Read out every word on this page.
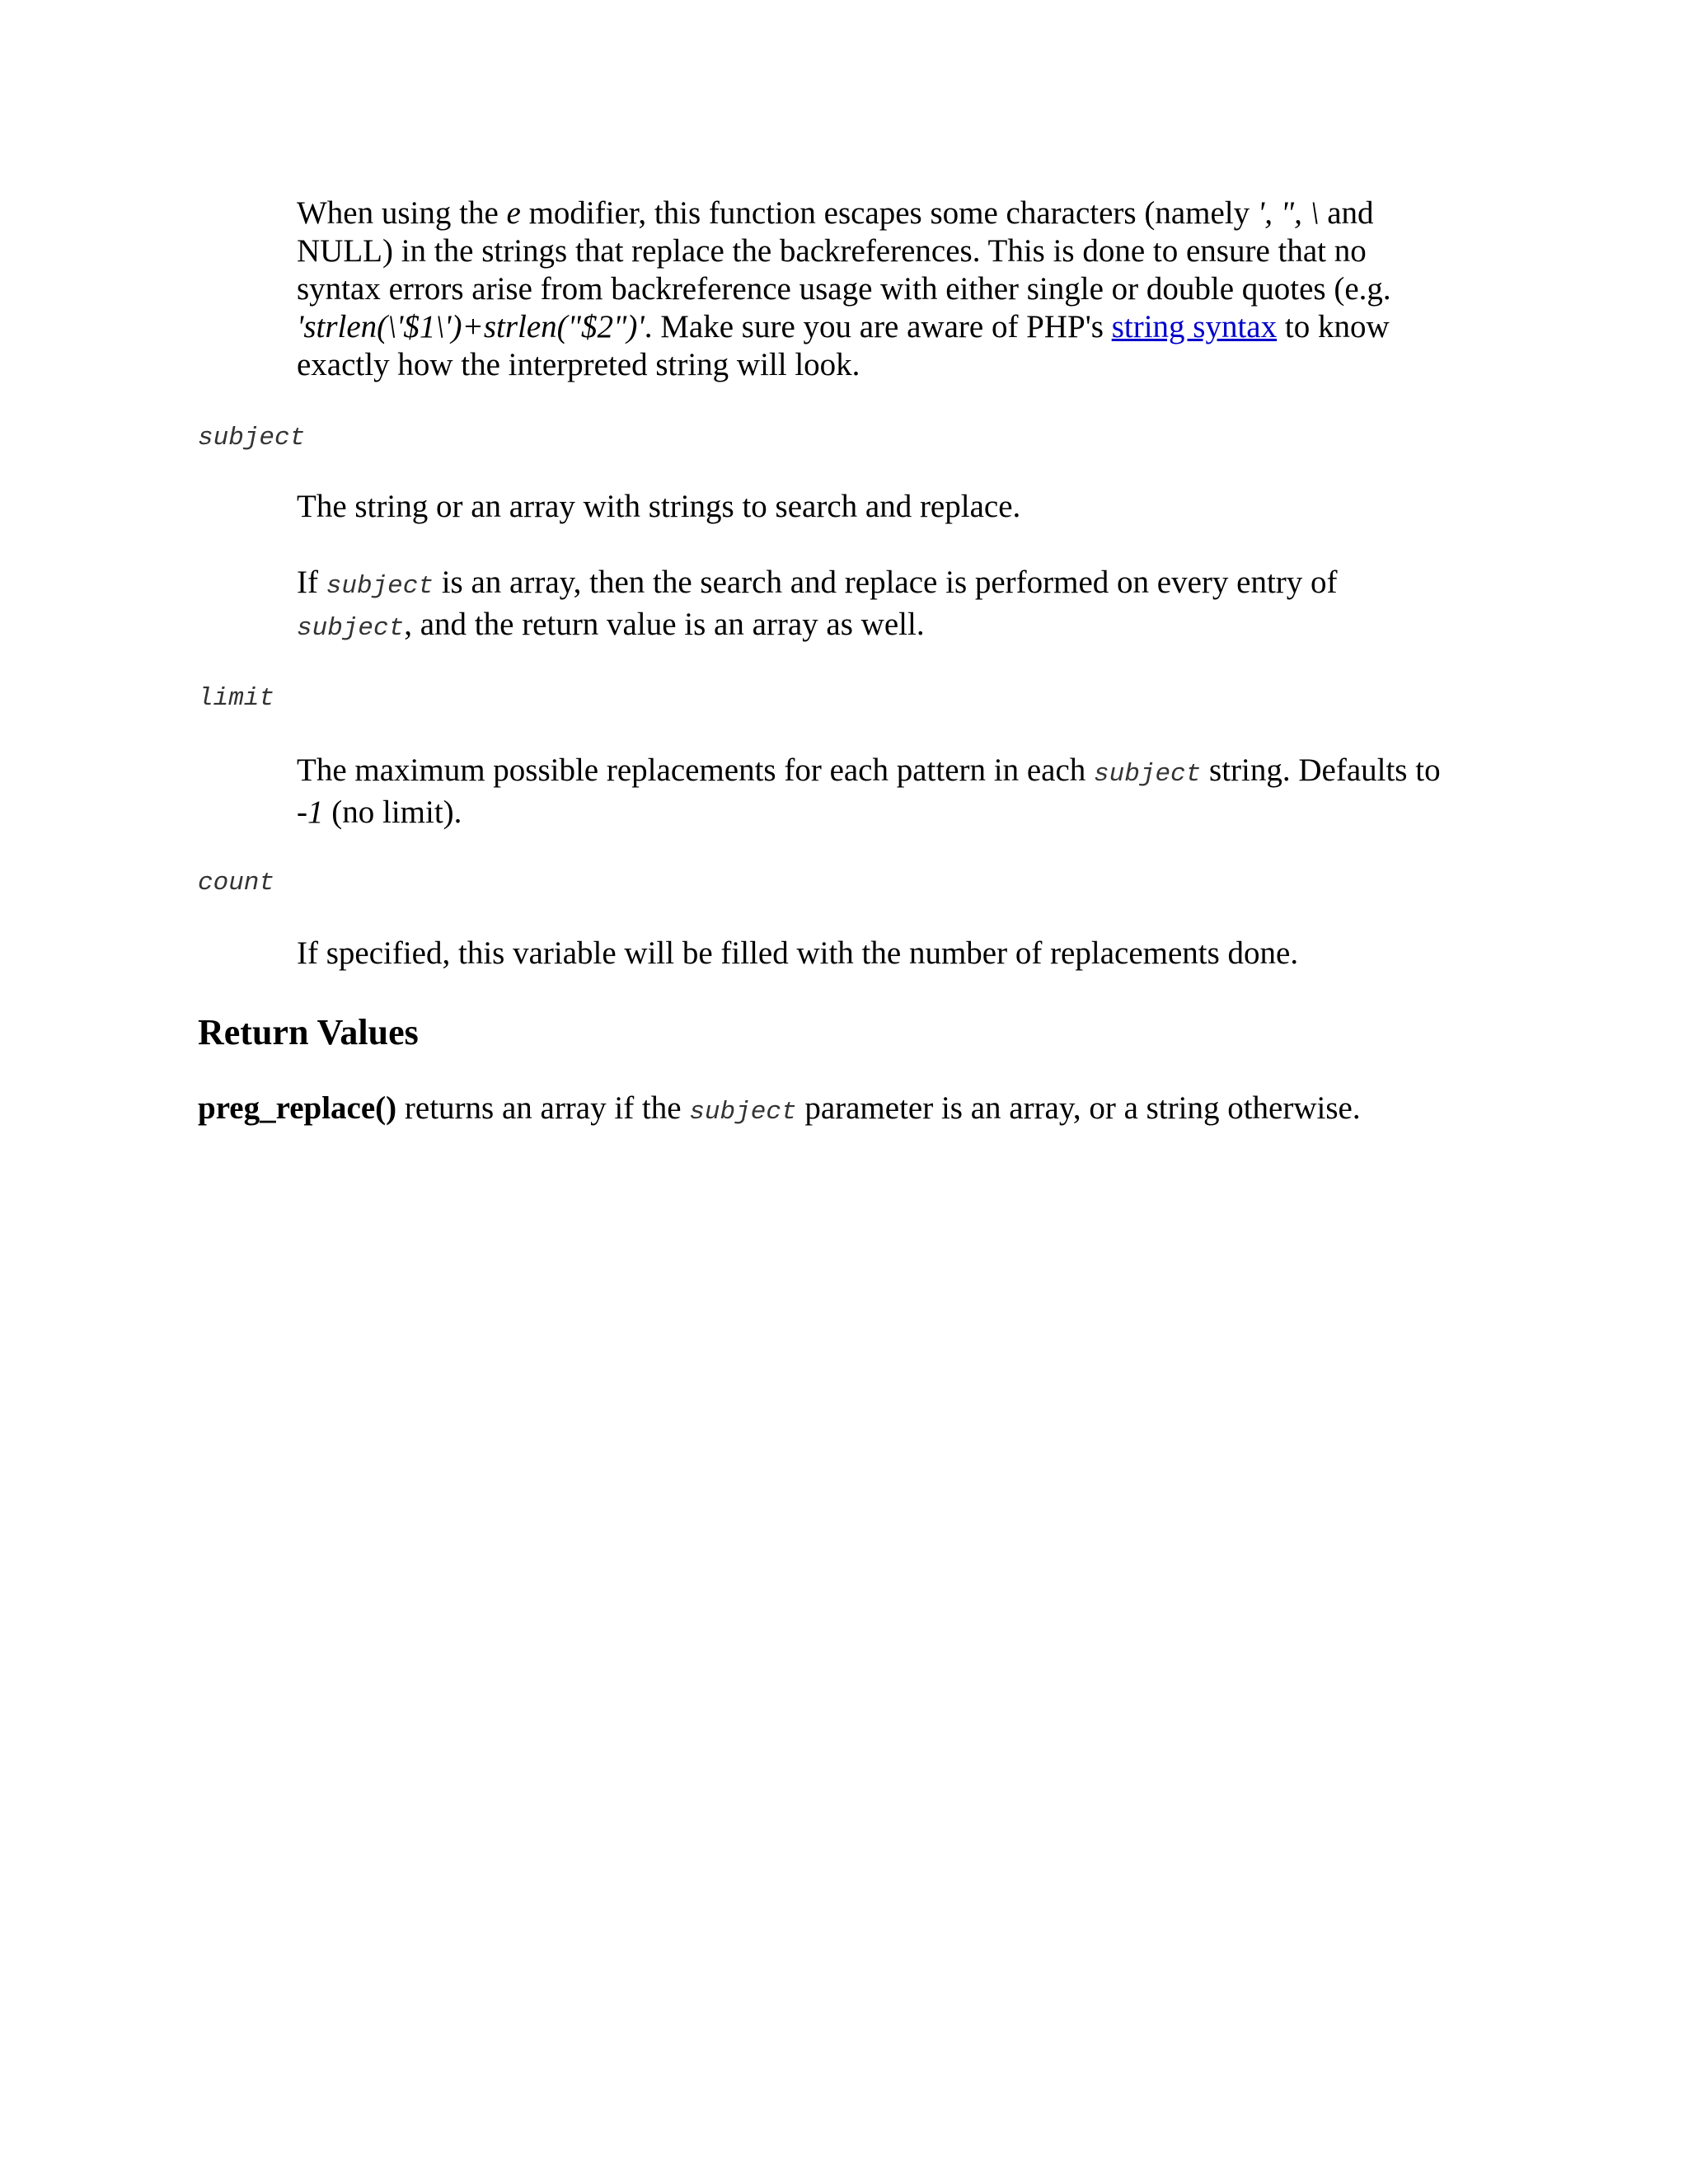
When using the e modifier, this function escapes some characters (namely ', ", \ and
NULL) in the strings that replace the backreferences. This is done to ensure that no
syntax errors arise from backreference usage with either single or double quotes (e.g.
'strlen(\'$1\')+strlen("$2")'. Make sure you are aware of PHP's string syntax to know
exactly how the interpreted string will look.
subject
The string or an array with strings to search and replace.
If subject is an array, then the search and replace is performed on every entry of
subject, and the return value is an array as well.
limit
The maximum possible replacements for each pattern in each subject string. Defaults to
-1 (no limit).
count
If specified, this variable will be filled with the number of replacements done.
Return Values
preg_replace() returns an array if the subject parameter is an array, or a string otherwise.
